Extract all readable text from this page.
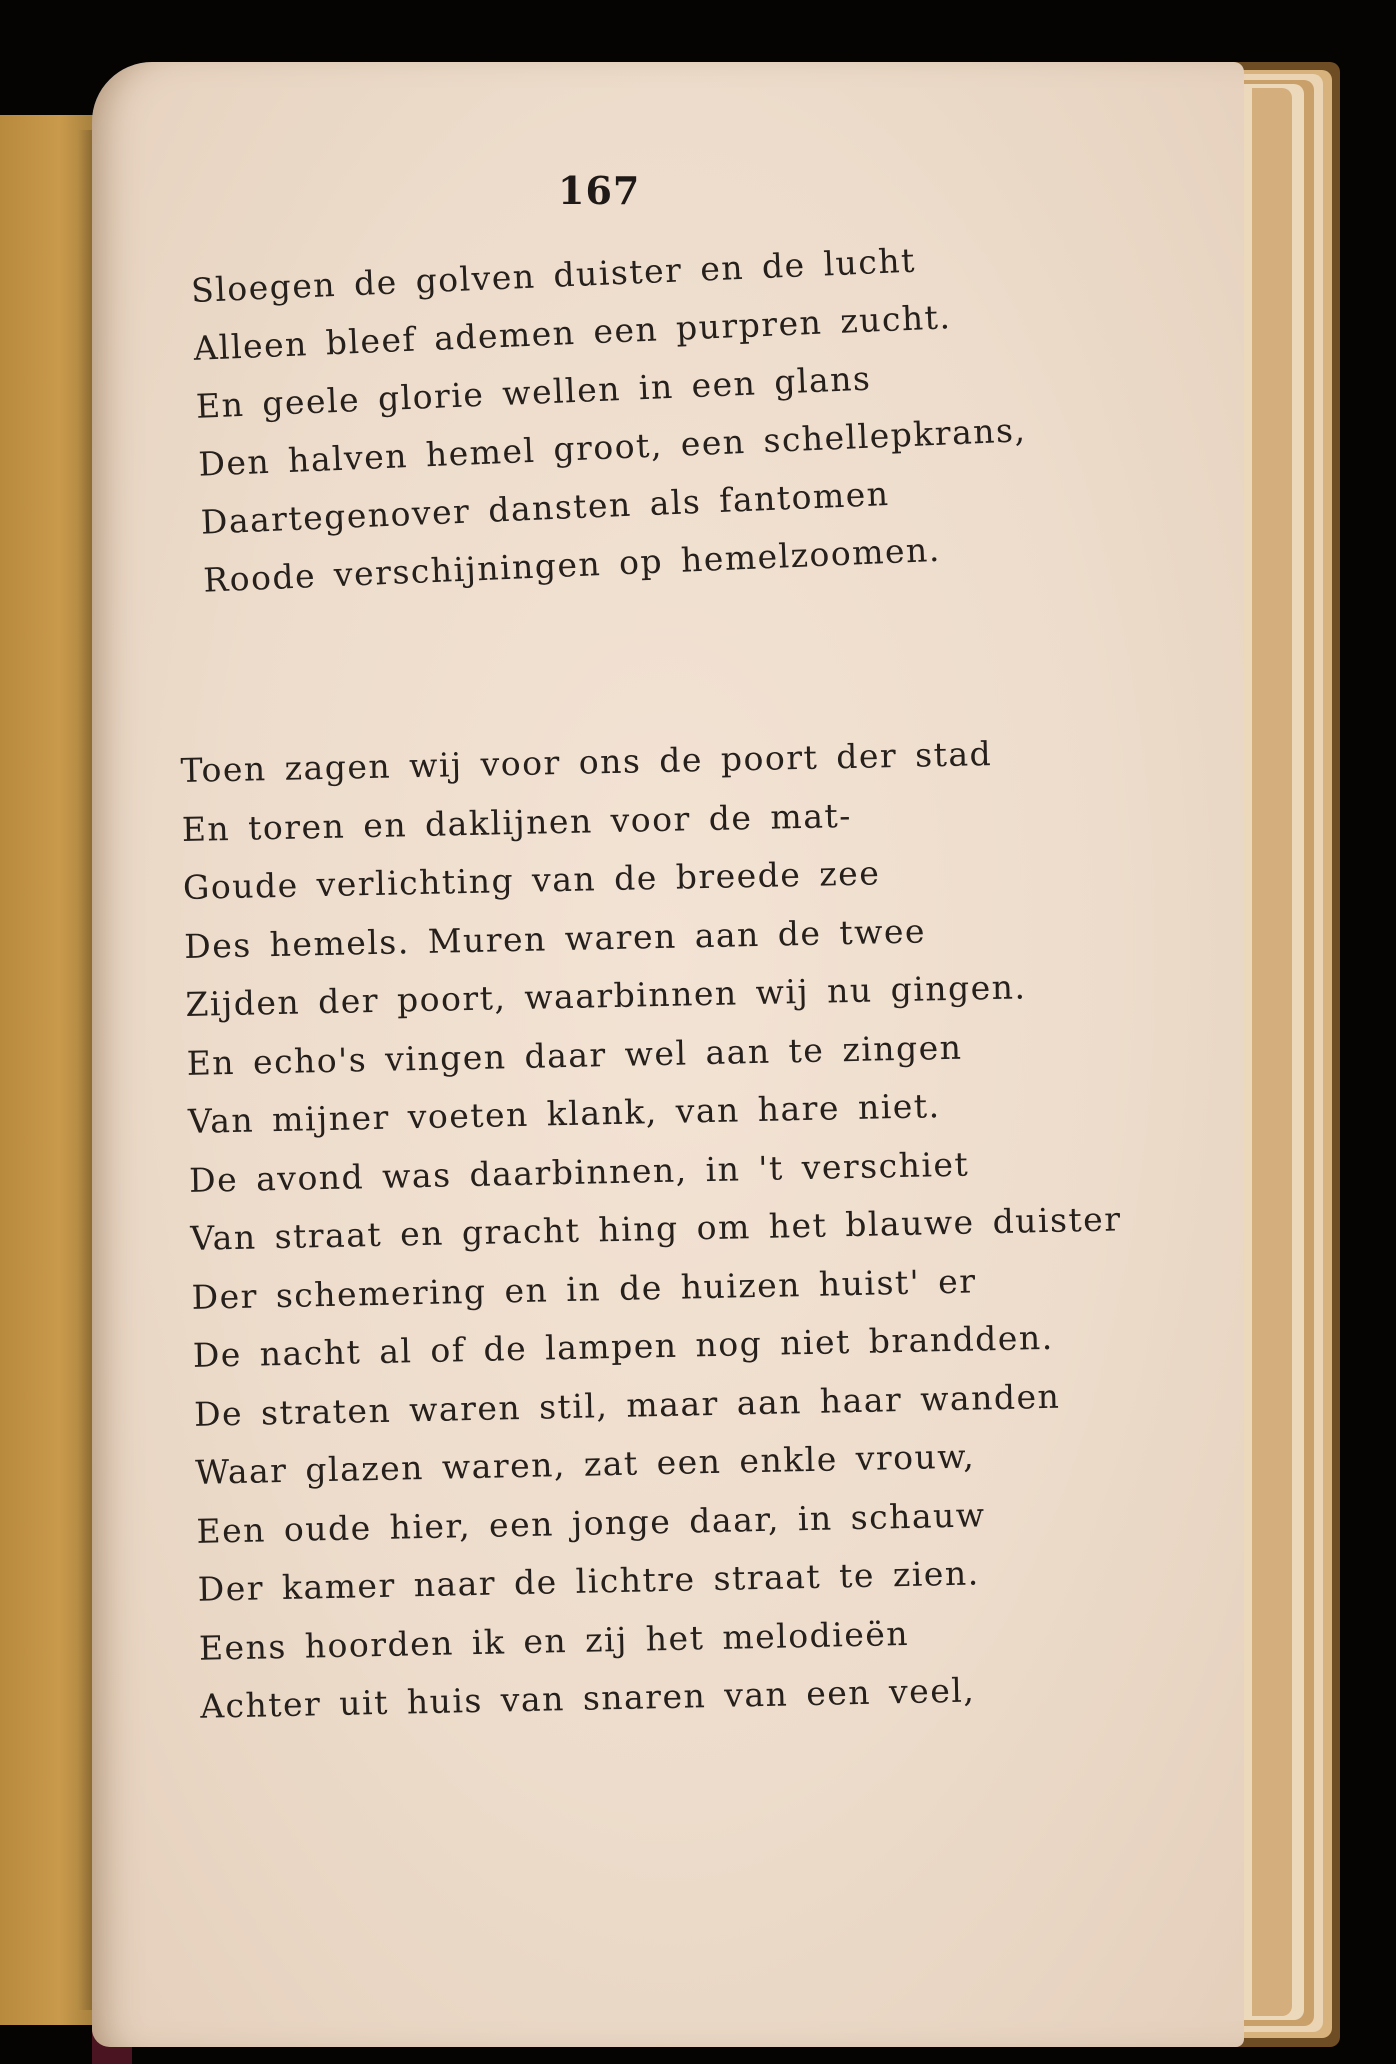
167
Sloegen de golven duister en de lucht
Alleen bleef ademen een purpren zucht.
En geele glorie wellen in een glans
Den halven hemel groot, een schellepkrans,
Daartegenover dansten als fantomen
Roode verschijningen op hemelzoomen.
Toen zagen wij voor ons de poort der stad
En toren en daklijnen voor de mat-
Goude verlichting van de breede zee
Des hemels. Muren waren aan de twee
Zijden der poort, waarbinnen wij nu gingen.
En echo's vingen daar wel aan te zingen
Van mijner voeten klank, van hare niet.
De avond was daarbinnen, in 't verschiet
Van straat en gracht hing om het blauwe duister
Der schemering en in de huizen huist' er
De nacht al of de lampen nog niet brandden.
De straten waren stil, maar aan haar wanden
Waar glazen waren, zat een enkle vrouw,
Een oude hier, een jonge daar, in schauw
Der kamer naar de lichtre straat te zien.
Eens hoorden ik en zij het melodieën
Achter uit huis van snaren van een veel,
